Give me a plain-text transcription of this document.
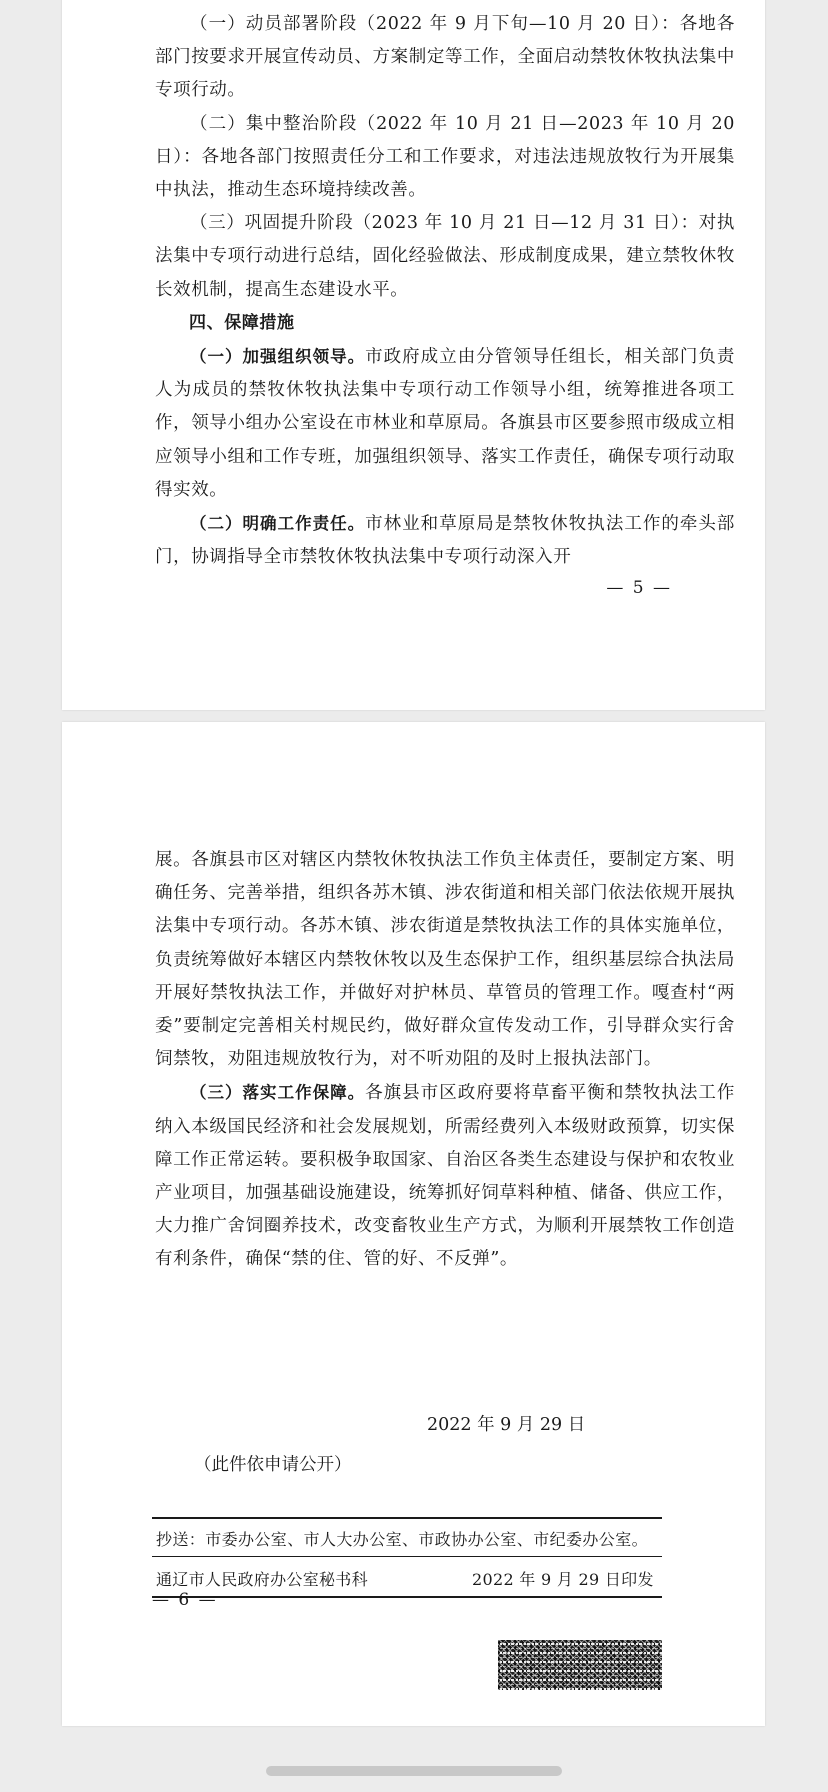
（一）动员部署阶段（2022 年 9 月下旬—10 月 20 日）：各地各部门按要求开展宣传动员、方案制定等工作，全面启动禁牧休牧执法集中专项行动。

（二）集中整治阶段（2022 年 10 月 21 日—2023 年 10 月 20 日）：各地各部门按照责任分工和工作要求，对违法违规放牧行为开展集中执法，推动生态环境持续改善。

（三）巩固提升阶段（2023 年 10 月 21 日—12 月 31 日）：对执法集中专项行动进行总结，固化经验做法、形成制度成果，建立禁牧休牧长效机制，提高生态建设水平。

四、保障措施

（一）加强组织领导。市政府成立由分管领导任组长，相关部门负责人为成员的禁牧休牧执法集中专项行动工作领导小组，统筹推进各项工作，领导小组办公室设在市林业和草原局。各旗县市区要参照市级成立相应领导小组和工作专班，加强组织领导、落实工作责任，确保专项行动取得实效。

（二）明确工作责任。市林业和草原局是禁牧休牧执法工作的牵头部门，协调指导全市禁牧休牧执法集中专项行动深入开

— 5 —

展。各旗县市区对辖区内禁牧休牧执法工作负主体责任，要制定方案、明确任务、完善举措，组织各苏木镇、涉农街道和相关部门依法依规开展执法集中专项行动。各苏木镇、涉农街道是禁牧执法工作的具体实施单位，负责统筹做好本辖区内禁牧休牧以及生态保护工作，组织基层综合执法局开展好禁牧执法工作，并做好对护林员、草管员的管理工作。嘎查村“两委”要制定完善相关村规民约，做好群众宣传发动工作，引导群众实行舍饲禁牧，劝阻违规放牧行为，对不听劝阻的及时上报执法部门。

（三）落实工作保障。各旗县市区政府要将草畜平衡和禁牧执法工作纳入本级国民经济和社会发展规划，所需经费列入本级财政预算，切实保障工作正常运转。要积极争取国家、自治区各类生态建设与保护和农牧业产业项目，加强基础设施建设，统筹抓好饲草料种植、储备、供应工作，大力推广舍饲圈养技术，改变畜牧业生产方式，为顺利开展禁牧工作创造有利条件，确保“禁的住、管的好、不反弹”。

2022 年 9 月 29 日
（此件依申请公开）
抄送：市委办公室、市人大办公室、市政协办公室、市纪委办公室。
通辽市人民政府办公室秘书科	2022 年 9 月 29 日印发
— 6 —
